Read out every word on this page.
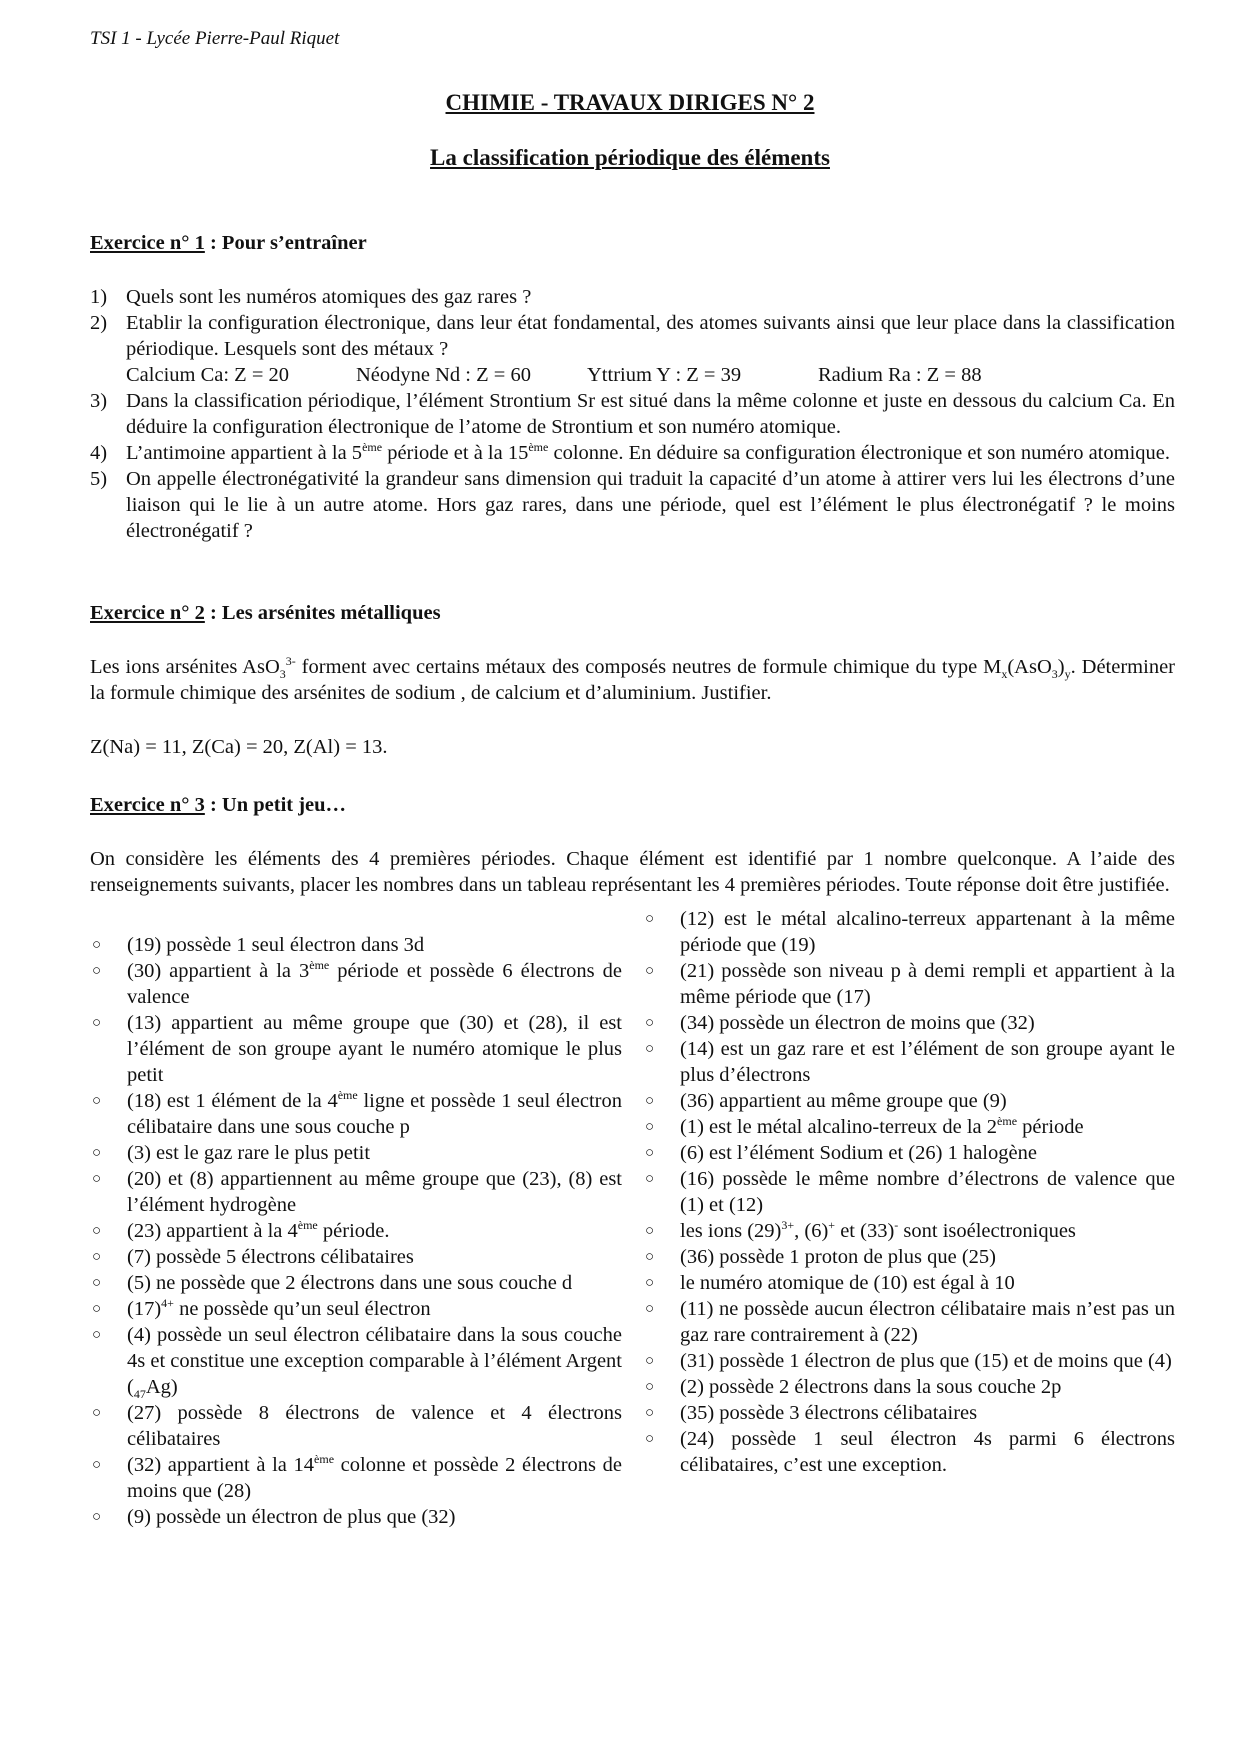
TSI 1 - Lycée Pierre-Paul Riquet
CHIMIE - TRAVAUX DIRIGES N° 2
La classification périodique des éléments

Exercice n° 1 : Pour s’entraîner

1) Quels sont les numéros atomiques des gaz rares ?
2) Etablir la configuration électronique, dans leur état fondamental, des atomes suivants ainsi que leur place dans la classification périodique. Lesquels sont des métaux ?
Calcium Ca: Z = 20	Néodyne Nd : Z = 60	Yttrium Y : Z = 39	Radium Ra : Z = 88
3) Dans la classification périodique, l’élément Strontium Sr est situé dans la même colonne et juste en dessous du calcium Ca. En déduire la configuration électronique de l’atome de Strontium et son numéro atomique.
4) L’antimoine appartient à la 5ème période et à la 15ème colonne. En déduire sa configuration électronique et son numéro atomique.
5) On appelle électronégativité la grandeur sans dimension qui traduit la capacité d’un atome à attirer vers lui les électrons d’une liaison qui le lie à un autre atome. Hors gaz rares, dans une période, quel est l’élément le plus électronégatif ? le moins électronégatif ?

Exercice n° 2 : Les arsénites métalliques

Les ions arsénites AsO$_3^{3-}$ forment avec certains métaux des composés neutres de formule chimique du type $M_x(AsO_3)_y$. Déterminer la formule chimique des arsénites de sodium , de calcium et d’aluminium. Justifier.

Z(Na) = 11, Z(Ca) = 20, Z(Al) = 13.

Exercice n° 3 : Un petit jeu…

On considère les éléments des 4 premières périodes. Chaque élément est identifié par 1 nombre quelconque. A l’aide des renseignements suivants, placer les nombres dans un tableau représentant les 4 premières périodes. Toute réponse doit être justifiée.

○ (19) possède 1 seul électron dans 3d
○ (30) appartient à la 3ème période et possède 6 électrons de valence
○ (13) appartient au même groupe que (30) et (28), il est l’élément de son groupe ayant le numéro atomique le plus petit
○ (18) est 1 élément de la 4ème ligne et possède 1 seul électron célibataire dans une sous couche p
○ (3) est le gaz rare le plus petit
○ (20) et (8) appartiennent au même groupe que (23), (8) est l’élément hydrogène
○ (23) appartient à la 4ème période.
○ (7) possède 5 électrons célibataires
○ (5) ne possède que 2 électrons dans une sous couche d
○ $(17)^{4+}$ ne possède qu’un seul électron
○ (4) possède un seul électron célibataire dans la sous couche 4s et constitue une exception comparable à l’élément Argent $(_{47}Ag)$
○ (27) possède 8 électrons de valence et 4 électrons célibataires
○ (32) appartient à la 14ème colonne et possède 2 électrons de moins que (28)
○ (9) possède un électron de plus que (32)
○ (12) est le métal alcalino-terreux appartenant à la même période que (19)
○ (21) possède son niveau p à demi rempli et appartient à la même période que (17)
○ (34) possède un électron de moins que (32)
○ (14) est un gaz rare et est l’élément de son groupe ayant le plus d’électrons
○ (36) appartient au même groupe que (9)
○ (1) est le métal alcalino-terreux de la 2ème période
○ (6) est l’élément Sodium et (26) 1 halogène
○ (16) possède le même nombre d’électrons de valence que (1) et (12)
○ les ions $(29)^{3+}$, (6)+ et (33)- sont isoélectroniques
○ (36) possède 1 proton de plus que (25)
○ le numéro atomique de (10) est égal à 10
○ (11) ne possède aucun électron célibataire mais n’est pas un gaz rare contrairement à (22)
○ (31) possède 1 électron de plus que (15) et de moins que (4)
○ (2) possède 2 électrons dans la sous couche 2p
○ (35) possède 3 électrons célibataires
○ (24) possède 1 seul électron 4s parmi 6 électrons célibataires, c’est une exception.
